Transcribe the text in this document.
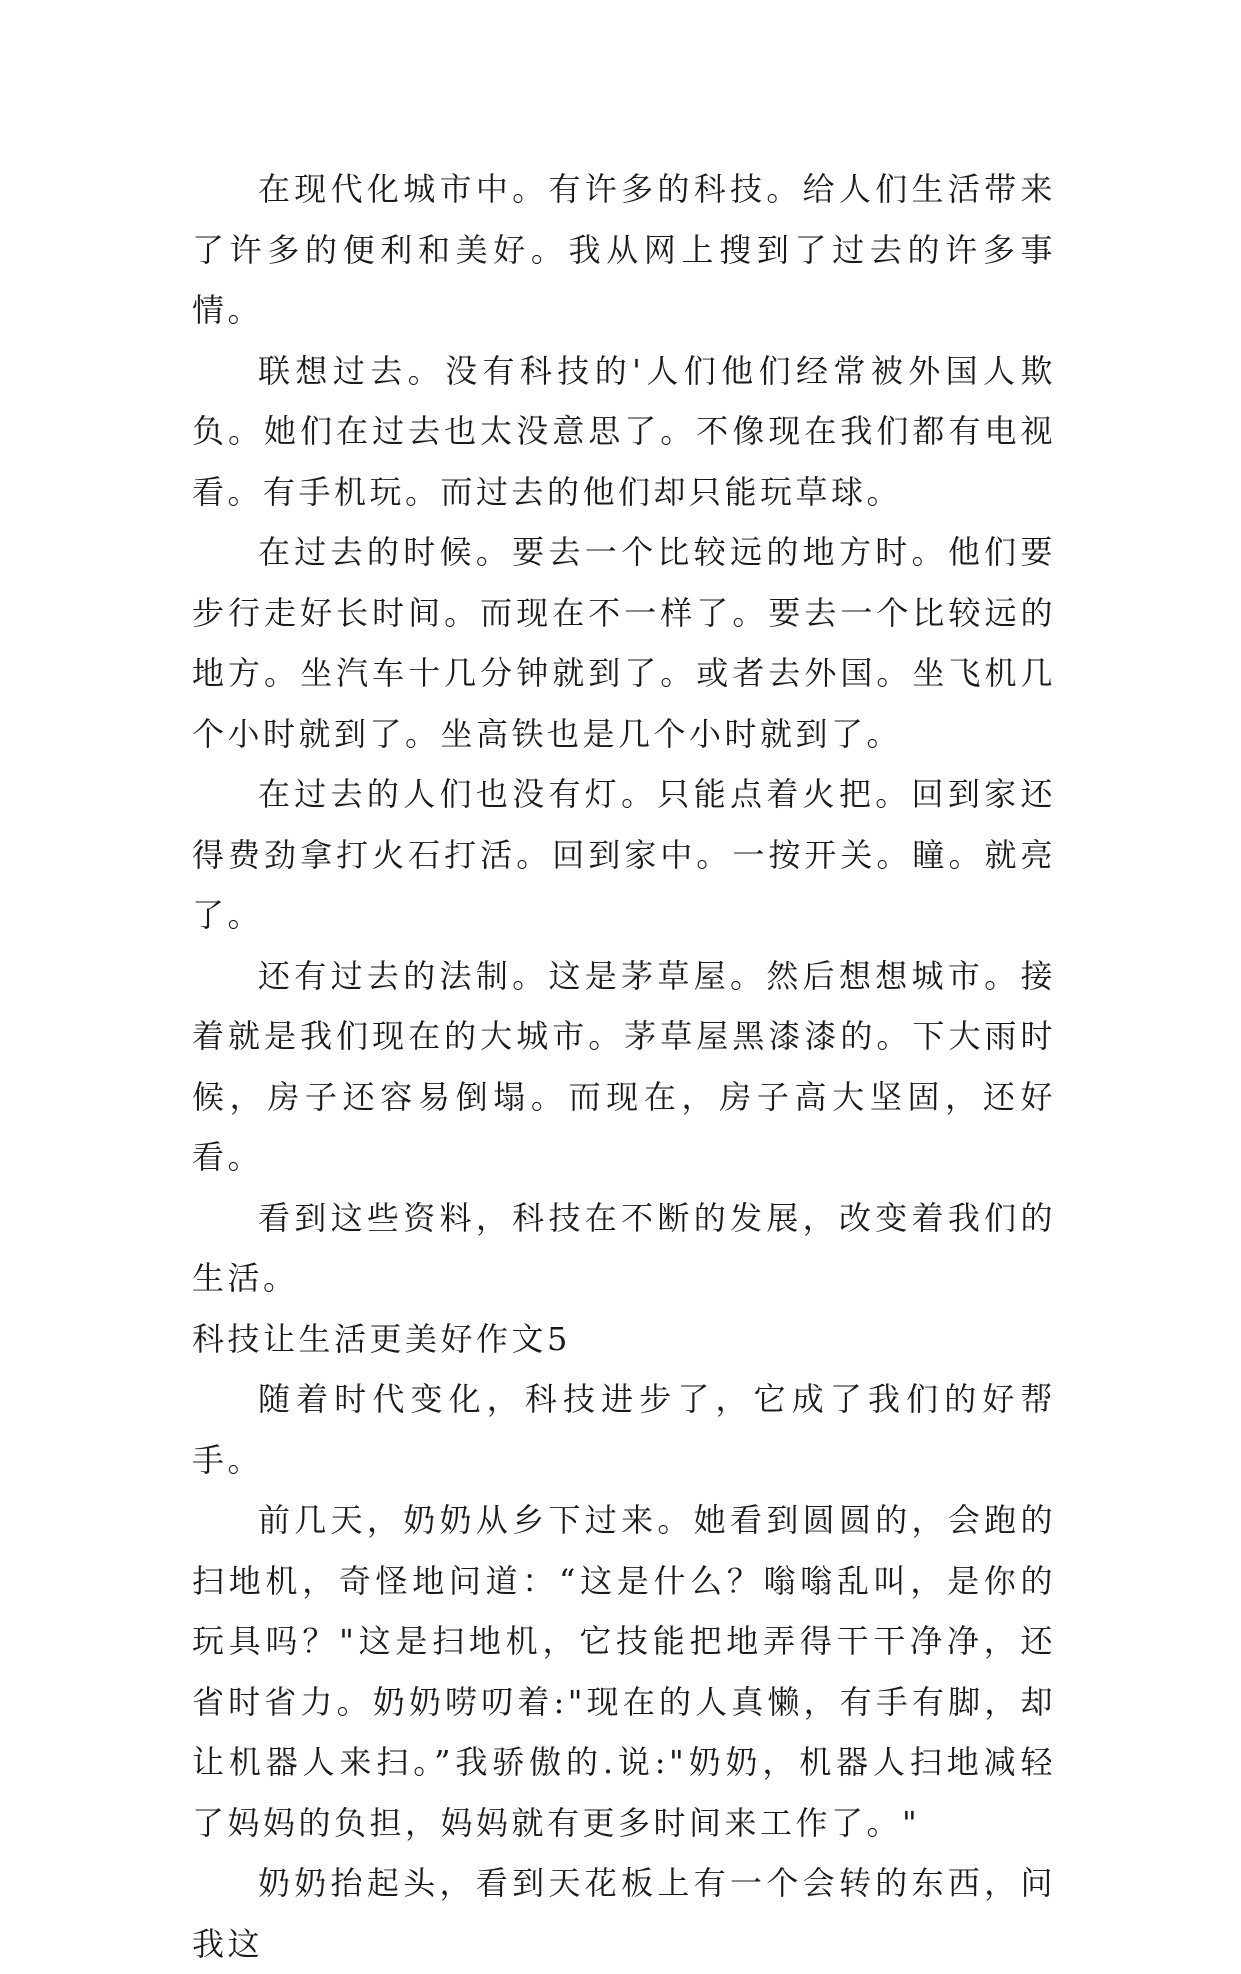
在现代化城市中。有许多的科技。给人们生活带来了许多的便利和美好。我从网上搜到了过去的许多事情。

联想过去。没有科技的'人们他们经常被外国人欺负。她们在过去也太没意思了。不像现在我们都有电视看。有手机玩。而过去的他们却只能玩草球。

在过去的时候。要去一个比较远的地方时。他们要步行走好长时间。而现在不一样了。要去一个比较远的地方。坐汽车十几分钟就到了。或者去外国。坐飞机几个小时就到了。坐高铁也是几个小时就到了。

在过去的人们也没有灯。只能点着火把。回到家还得费劲拿打火石打活。回到家中。一按开关。瞳。就亮了。

还有过去的法制。这是茅草屋。然后想想城市。接着就是我们现在的大城市。茅草屋黑漆漆的。下大雨时候，房子还容易倒塌。而现在，房子高大坚固，还好看。

看到这些资料，科技在不断的发展，改变着我们的生活。

科技让生活更美好作文5

随着时代变化，科技进步了，它成了我们的好帮手。

前几天，奶奶从乡下过来。她看到圆圆的，会跑的扫地机，奇怪地问道：“这是什么？嗡嗡乱叫，是你的玩具吗？"这是扫地机，它技能把地弄得干干净净，还省时省力。奶奶唠叨着:"现在的人真懒，有手有脚，却让机器人来扫。”我骄傲的.说:"奶奶，机器人扫地减轻了妈妈的负担，妈妈就有更多时间来工作了。"

奶奶抬起头，看到天花板上有一个会转的东西，问我这
